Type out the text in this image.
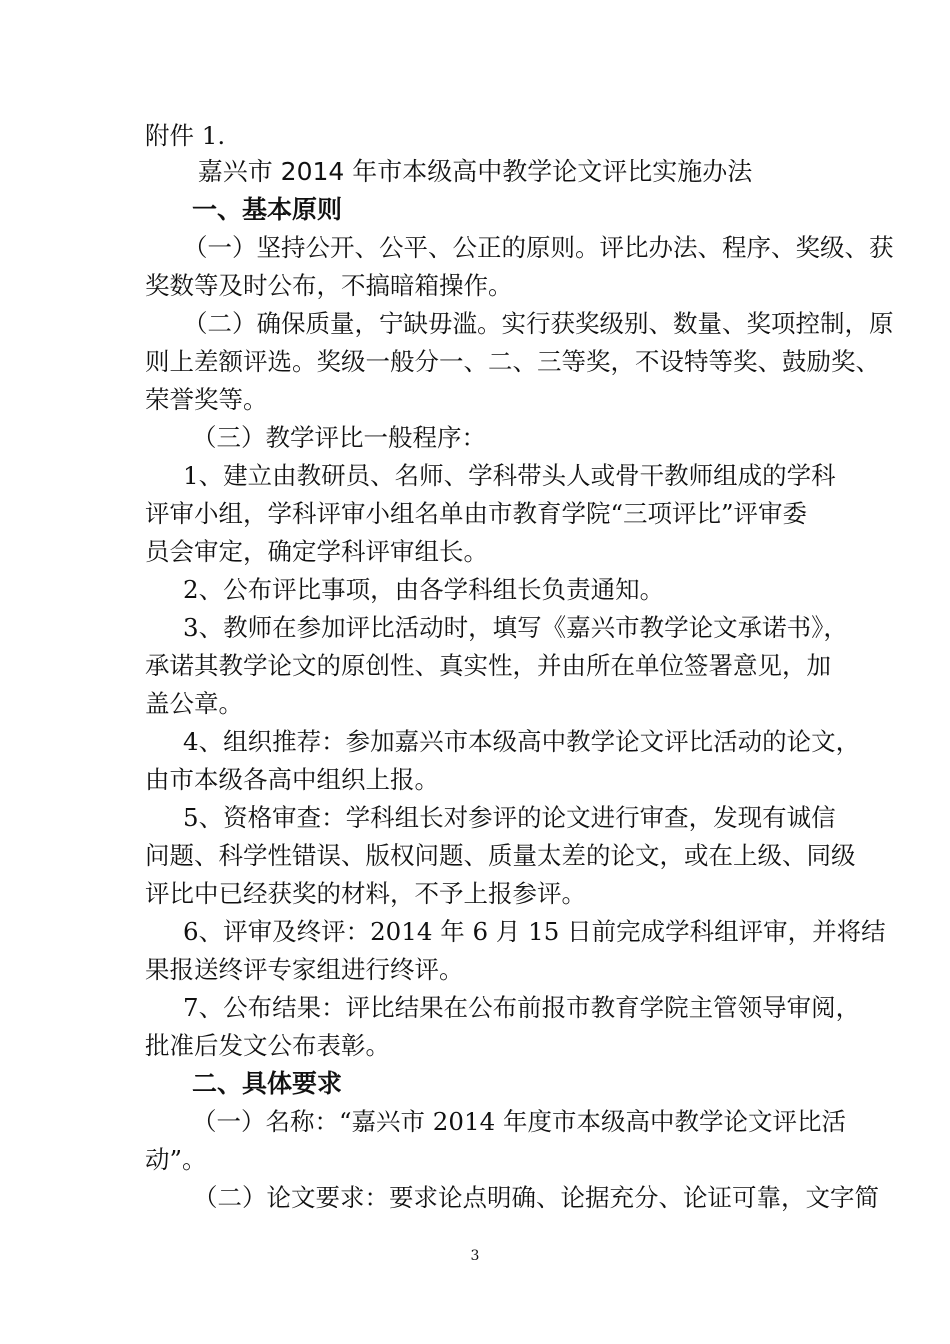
附件 1.
嘉兴市 2014 年市本级高中教学论文评比实施办法
一、基本原则
（一）坚持公开、公平、公正的原则。评比办法、程序、奖级、获
奖数等及时公布，不搞暗箱操作。
（二）确保质量，宁缺毋滥。实行获奖级别、数量、奖项控制，原
则上差额评选。奖级一般分一、二、三等奖，不设特等奖、鼓励奖、
荣誉奖等。
（三）教学评比一般程序：
1、建立由教研员、名师、学科带头人或骨干教师组成的学科
评审小组，学科评审小组名单由市教育学院“三项评比”评审委
员会审定，确定学科评审组长。
2、公布评比事项，由各学科组长负责通知。
3、教师在参加评比活动时，填写《嘉兴市教学论文承诺书》，
承诺其教学论文的原创性、真实性，并由所在单位签署意见，加
盖公章。
4、组织推荐：参加嘉兴市本级高中教学论文评比活动的论文，
由市本级各高中组织上报。
5、资格审查：学科组长对参评的论文进行审查，发现有诚信
问题、科学性错误、版权问题、质量太差的论文，或在上级、同级
评比中已经获奖的材料，不予上报参评。
6、评审及终评：2014 年 6 月 15 日前完成学科组评审，并将结
果报送终评专家组进行终评。
7、公布结果：评比结果在公布前报市教育学院主管领导审阅，
批准后发文公布表彰。
二、具体要求
（一）名称：“嘉兴市 2014 年度市本级高中教学论文评比活
动”。
（二）论文要求：要求论点明确、论据充分、论证可靠，文字简
3
